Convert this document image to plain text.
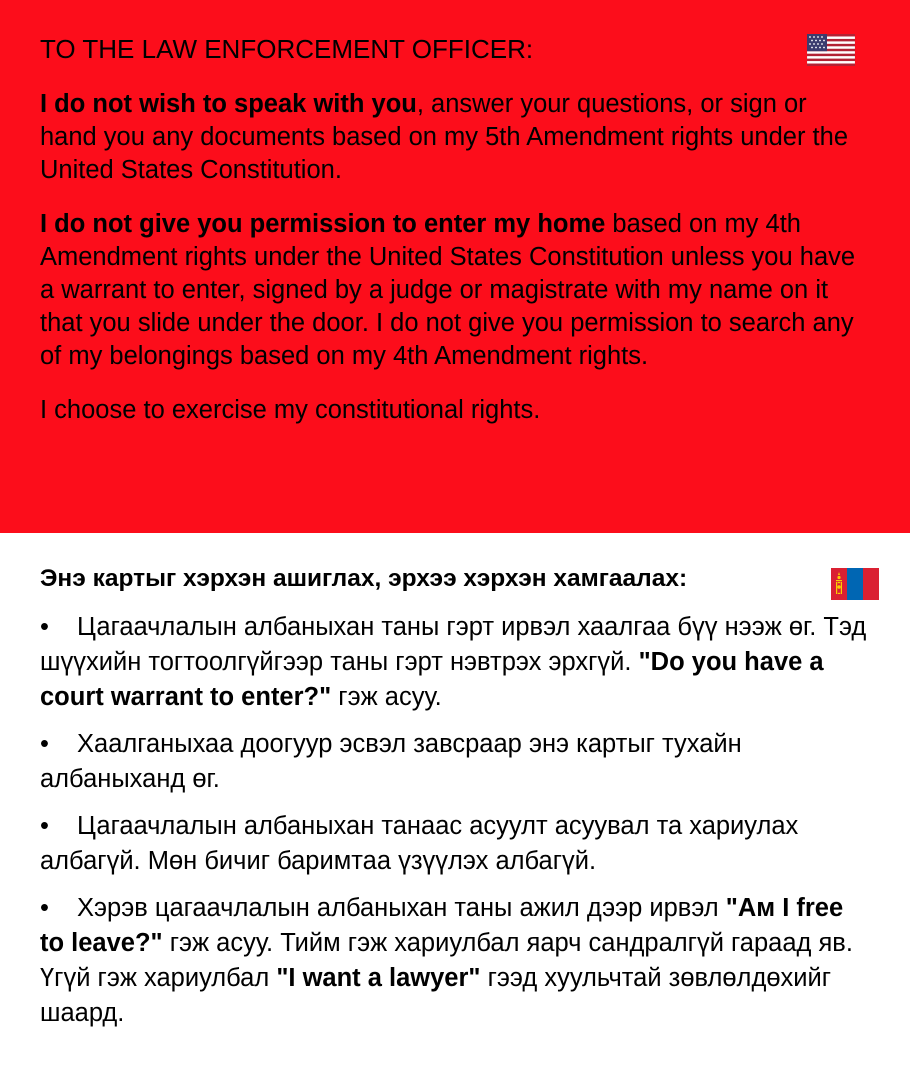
TO THE LAW ENFORCEMENT OFFICER:

I do not wish to speak with you, answer your questions, or sign or hand you any documents based on my 5th Amendment rights under the United States Constitution.

I do not give you permission to enter my home based on my 4th Amendment rights under the United States Constitution unless you have a warrant to enter, signed by a judge or magistrate with my name on it that you slide under the door. I do not give you permission to search any of my belongings based on my 4th Amendment rights.

I choose to exercise my constitutional rights.

Энэ картыг хэрхэн ашиглах, эрхээ хэрхэн хамгаалах:
• Цагаачлалын албаныхан таны гэрт ирвэл хаалгаа бүү нээж өг. Тэд шүүхийн тогтоолгүйгээр таны гэрт нэвтрэх эрхгүй. "Do you have a court warrant to enter?" гэж асуу.
• Хаалганыхаа доогуур эсвэл завсраар энэ картыг тухайн албаныханд өг.
• Цагаачлалын албаныхан танаас асуулт асуувал та хариулах албагүй. Мөн бичиг баримтаа үзүүлэх албагүй.
• Хэрэв цагаачлалын албаныхан таны ажил дээр ирвэл "Ам I free to leave?" гэж асуу. Тийм гэж хариулбал яарч сандралгүй гараад яв. Үгүй гэж хариулбал "I want a lawyer" гээд хуульчтай зөвлөлдөхийг шаард.
